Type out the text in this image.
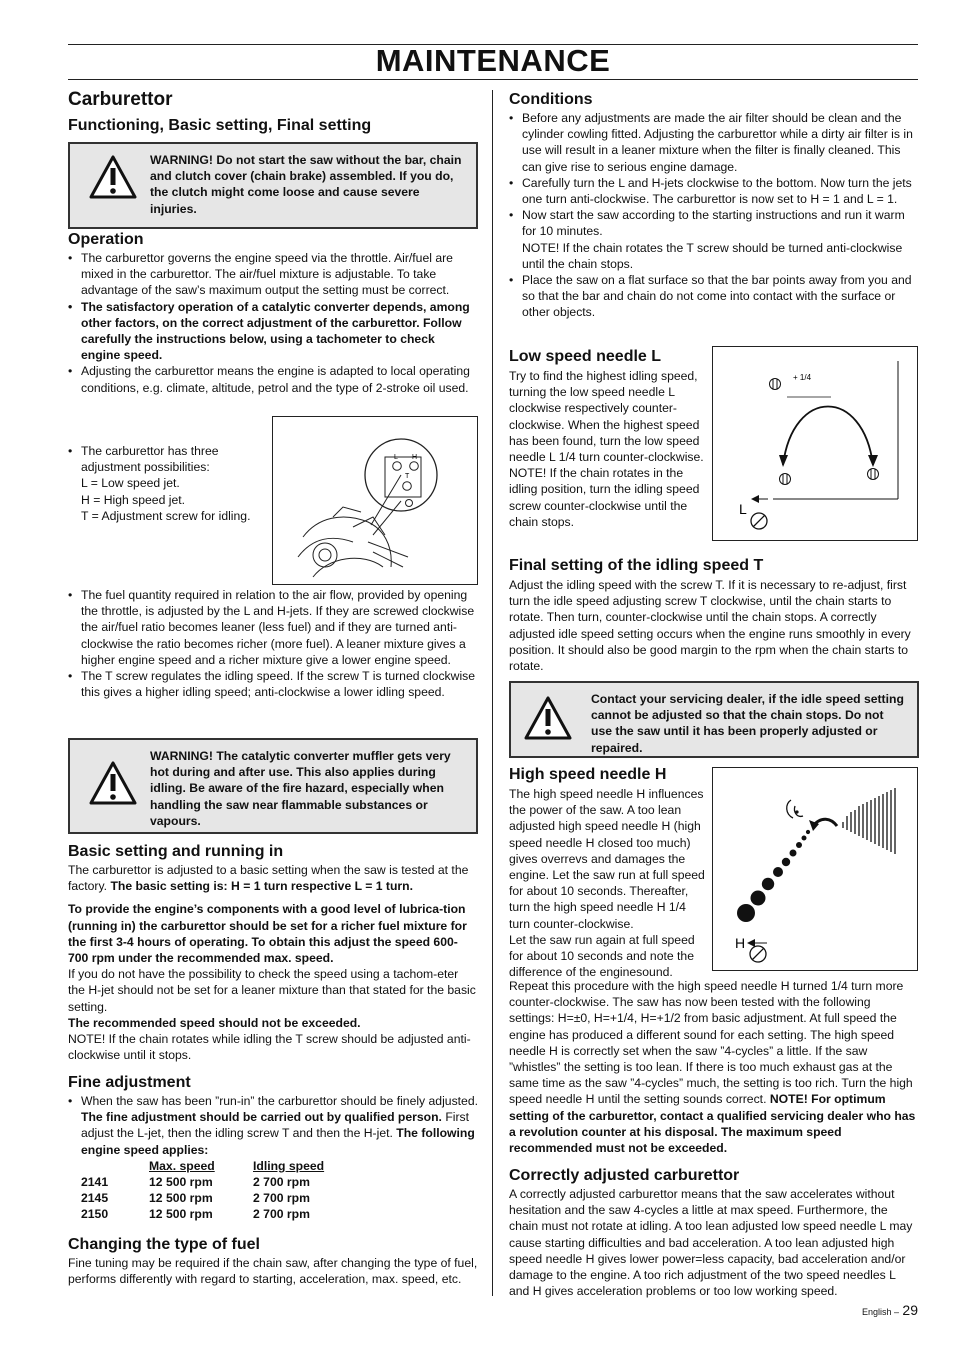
MAINTENANCE
Carburettor
Functioning, Basic setting, Final setting
WARNING! Do not start the saw without the bar, chain and clutch cover (chain brake) assembled. If you do, the clutch might come loose and cause severe injuries.
Operation
• The carburettor governs the engine speed via the throttle. Air/fuel are mixed in the carburettor. The air/fuel mixture is adjustable. To take advantage of the saw’s maximum output the setting must be correct.
• The satisfactory operation of a catalytic converter depends, among other factors, on the correct adjustment of the carburettor. Follow carefully the instructions below, using a tachometer to check engine speed.
• Adjusting the carburettor means the engine is adapted to local operating conditions, e.g. climate, altitude, petrol and the type of 2-stroke oil used.
• The carburettor has three
adjustment possibilities:
L = Low speed jet.
H = High speed jet.
T = Adjustment screw for idling.
L H
T
• The fuel quantity required in relation to the air flow, provided by opening the throttle, is adjusted by the L and H-jets. If they are screwed clockwise the air/fuel ratio becomes leaner (less fuel) and if they are turned anti-clockwise the ratio becomes richer (more fuel). A leaner mixture gives a higher engine speed and a richer mixture give a lower engine speed.
• The T screw regulates the idling speed. If the screw T is turned clockwise this gives a higher idling speed; anti-clockwise a lower idling speed.
WARNING! The catalytic converter muffler gets very hot during and after use. This also applies during idling. Be aware of the fire hazard, especially when handling the saw near flammable substances or vapours.
Basic setting and running in

The carburettor is adjusted to a basic setting when the saw is tested at the factory. The basic setting is: H = 1 turn respective L = 1 turn.

To provide the engine’s components with a good level of lubrica-tion (running in) the carburettor should be set for a richer fuel mixture for the first 3-4 hours of operating. To obtain this adjust the speed 600-700 rpm under the recommended max. speed.

If you do not have the possibility to check the speed using a tachom-eter the H-jet should not be set for a leaner mixture than that stated for the basic setting.

The recommended speed should not be exceeded.

NOTE! If the chain rotates while idling the T screw should be adjusted anti-clockwise until it stops.

Fine adjustment
• When the saw has been ”run-in” the carburettor should be finely adjusted. The fine adjustment should be carried out by qualified person. First adjust the L-jet, then the idling screw T and then the H-jet. The following engine speed applies:
	Max. speed	Idling speed
2141	12 500 rpm	2 700 rpm
2145	12 500 rpm	2 700 rpm
2150	12 500 rpm	2 700 rpm
Changing the type of fuel
Fine tuning may be required if the chain saw, after changing the type of fuel, performs differently with regard to starting, acceleration, max. speed, etc.
Conditions
• Before any adjustments are made the air filter should be clean and the cylinder cowling fitted. Adjusting the carburettor while a dirty air filter is in use will result in a leaner mixture when the filter is finally cleaned. This can give rise to serious engine damage.
• Carefully turn the L and H-jets clockwise to the bottom. Now turn the jets one turn anti-clockwise. The carburettor is now set to H = 1 and L = 1.
• Now start the saw according to the starting instructions and run it warm for 10 minutes.
NOTE! If the chain rotates the T screw should be turned anti-clockwise until the chain stops.
• Place the saw on a flat surface so that the bar points away from you and so that the bar and chain do not come into contact with the surface or other objects.
Low speed needle L

Try to find the highest idling speed, turning the low speed needle L clockwise respectively counter-clockwise. When the highest speed has been found, turn the low speed needle L 1/4 turn counter-clockwise.

NOTE! If the chain rotates in the idling position, turn the idling speed screw counter-clockwise until the chain stops.

+ 1/4
L
Final setting of the idling speed T
Adjust the idling speed with the screw T. If it is necessary to re-adjust, first turn the idle speed adjusting screw T clockwise, until the chain starts to rotate. Then turn, counter-clockwise until the chain stops. A correctly adjusted idle speed setting occurs when the engine runs smoothly in every position. It should also be good margin to the rpm when the chain starts to rotate.
Contact your servicing dealer, if the idle speed setting cannot be adjusted so that the chain stops. Do not use the saw until it has been properly adjusted or repaired.
High speed needle H

The high speed needle H influences the power of the saw. A too lean adjusted high speed needle H (high speed needle H closed too much) gives overrevs and damages the engine. Let the saw run at full speed for about 10 seconds. Thereafter, turn the high speed needle H 1/4 turn counter-clockwise.

Let the saw run again at full speed for about 10 seconds and note the difference of the enginesound.

H

Repeat this procedure with the high speed needle H turned 1/4 turn more counter-clockwise. The saw has now been tested with the following settings: H=±0, H=+1/4, H=+1/2 from basic adjustment. At full speed the engine has produced a different sound for each setting. The high speed needle H is correctly set when the saw ”4-cycles” a little. If the saw ”whistles” the setting is too lean. If there is too much exhaust gas at the same time as the saw ”4-cycles” much, the setting is too rich. Turn the high speed needle H until the setting sounds correct. NOTE! For optimum setting of the carburettor, contact a qualified servicing dealer who has a revolution counter at his disposal. The maximum speed recommended must not be exceeded.

Correctly adjusted carburettor
A correctly adjusted carburettor means that the saw accelerates without hesitation and the saw 4-cycles a little at max speed. Furthermore, the chain must not rotate at idling. A too lean adjusted low speed needle L may cause starting difficulties and bad acceleration. A too lean adjusted high speed needle H gives lower power=less capacity, bad acceleration and/or damage to the engine. A too rich adjustment of the two speed needles L and H gives acceleration problems or too low working speed.
English – 29
